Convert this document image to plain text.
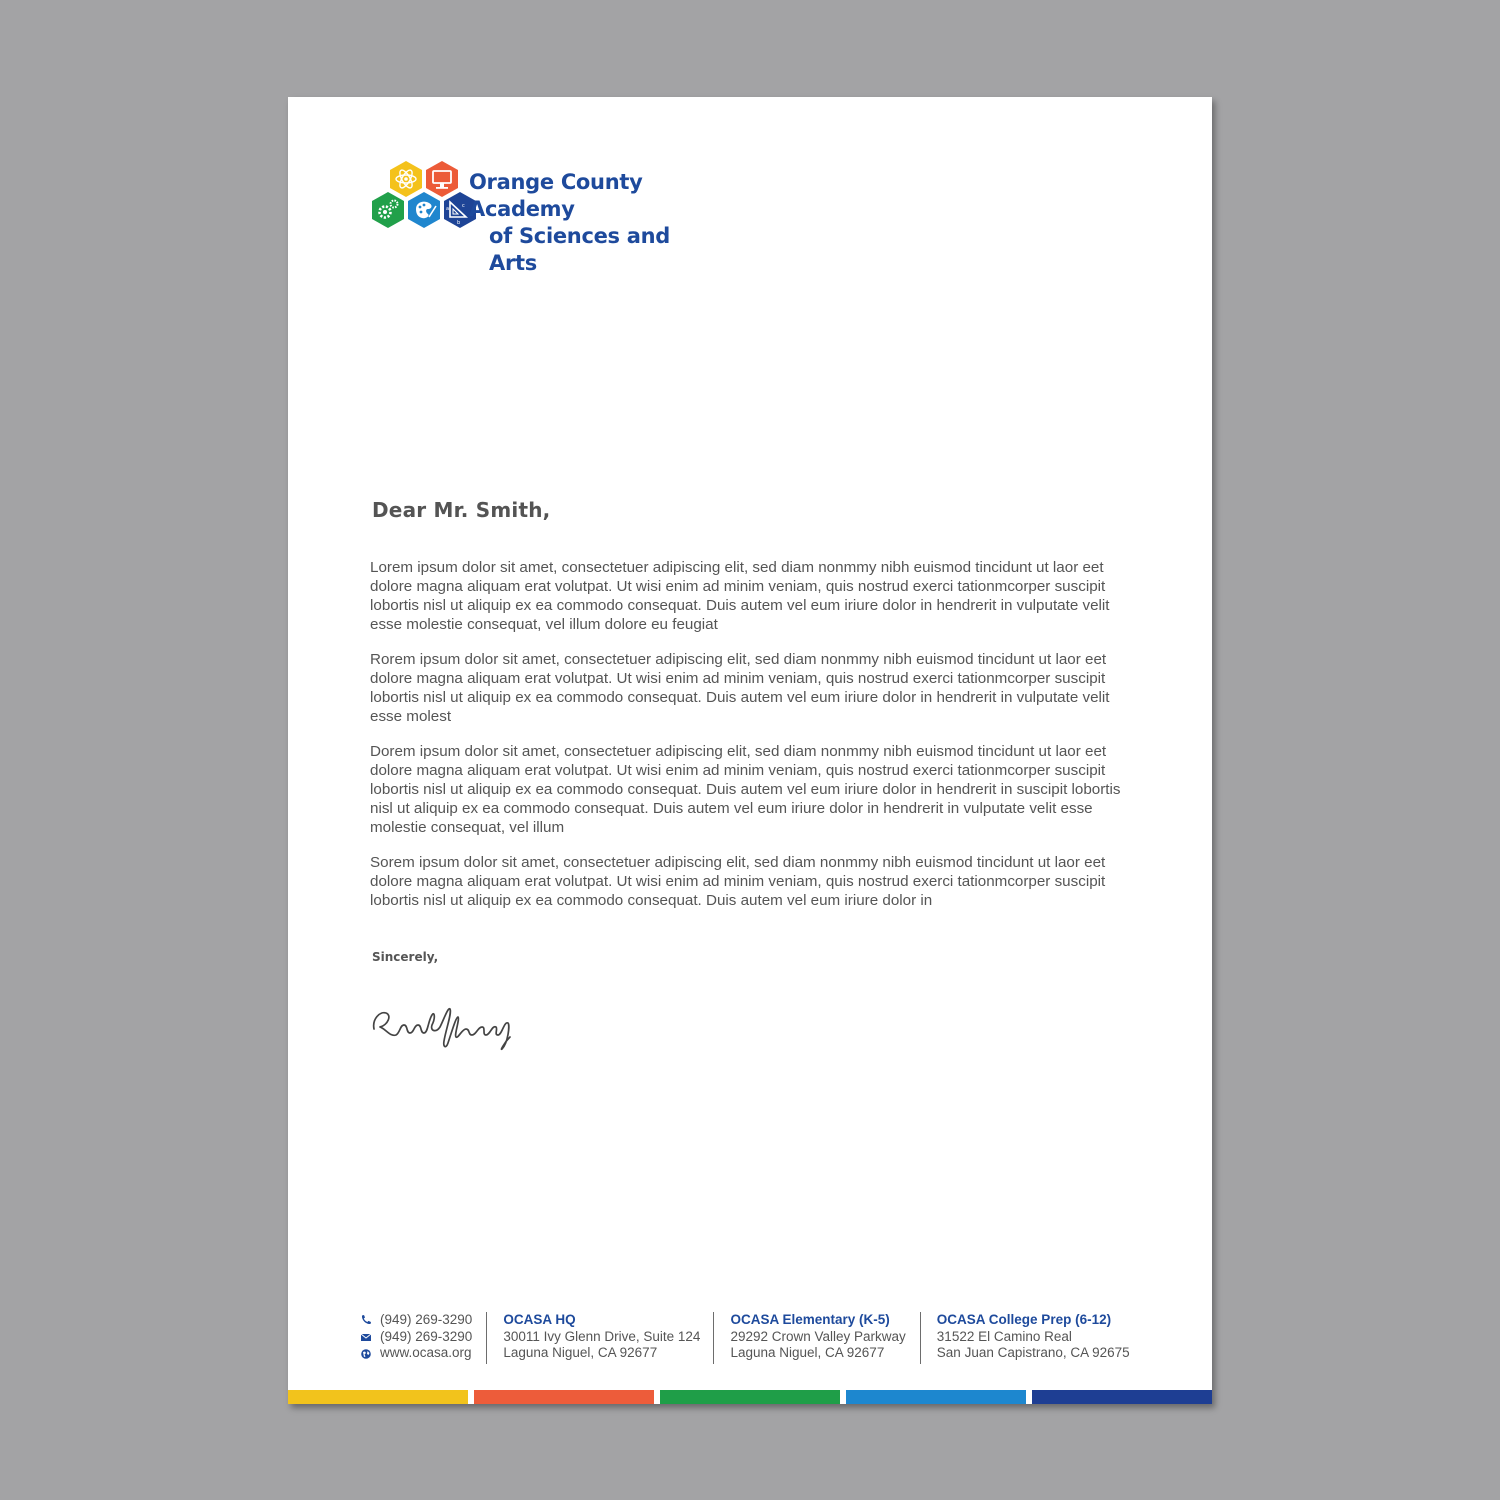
a
b
c
Orange County Academy
of Sciences and Arts
Dear Mr. Smith,

Lorem ipsum dolor sit amet, consectetuer adipiscing elit, sed diam nonmmy nibh euismod tincidunt ut laor eet dolore magna aliquam erat volutpat. Ut wisi enim ad minim veniam, quis nostrud exerci tationmcorper suscipit lobortis nisl ut aliquip ex ea commodo consequat. Duis autem vel eum iriure dolor in hendrerit in vulputate velit esse molestie consequat, vel illum dolore eu feugiat

Rorem ipsum dolor sit amet, consectetuer adipiscing elit, sed diam nonmmy nibh euismod tincidunt ut laor eet dolore magna aliquam erat volutpat. Ut wisi enim ad minim veniam, quis nostrud exerci tationmcorper suscipit lobortis nisl ut aliquip ex ea commodo consequat. Duis autem vel eum iriure dolor in hendrerit in vulputate velit esse molest

Dorem ipsum dolor sit amet, consectetuer adipiscing elit, sed diam nonmmy nibh euismod tincidunt ut laor eet dolore magna aliquam erat volutpat. Ut wisi enim ad minim veniam, quis nostrud exerci tationmcorper suscipit lobortis nisl ut aliquip ex ea commodo consequat. Duis autem vel eum iriure dolor in hendrerit in suscipit lobortis nisl ut aliquip ex ea commodo consequat. Duis autem vel eum iriure dolor in hendrerit in vulputate velit esse molestie consequat, vel illum

Sorem ipsum dolor sit amet, consectetuer adipiscing elit, sed diam nonmmy nibh euismod tincidunt ut laor eet dolore magna aliquam erat volutpat. Ut wisi enim ad minim veniam, quis nostrud exerci tationmcorper suscipit lobortis nisl ut aliquip ex ea commodo consequat. Duis autem vel eum iriure dolor in

Sincerely,
(949) 269-3290
(949) 269-3290
www.ocasa.org
OCASA HQ
30011 Ivy Glenn Drive, Suite 124
Laguna Niguel, CA 92677
OCASA Elementary (K-5)
29292 Crown Valley Parkway
Laguna Niguel, CA 92677
OCASA College Prep (6-12)
31522 El Camino Real
San Juan Capistrano, CA 92675
